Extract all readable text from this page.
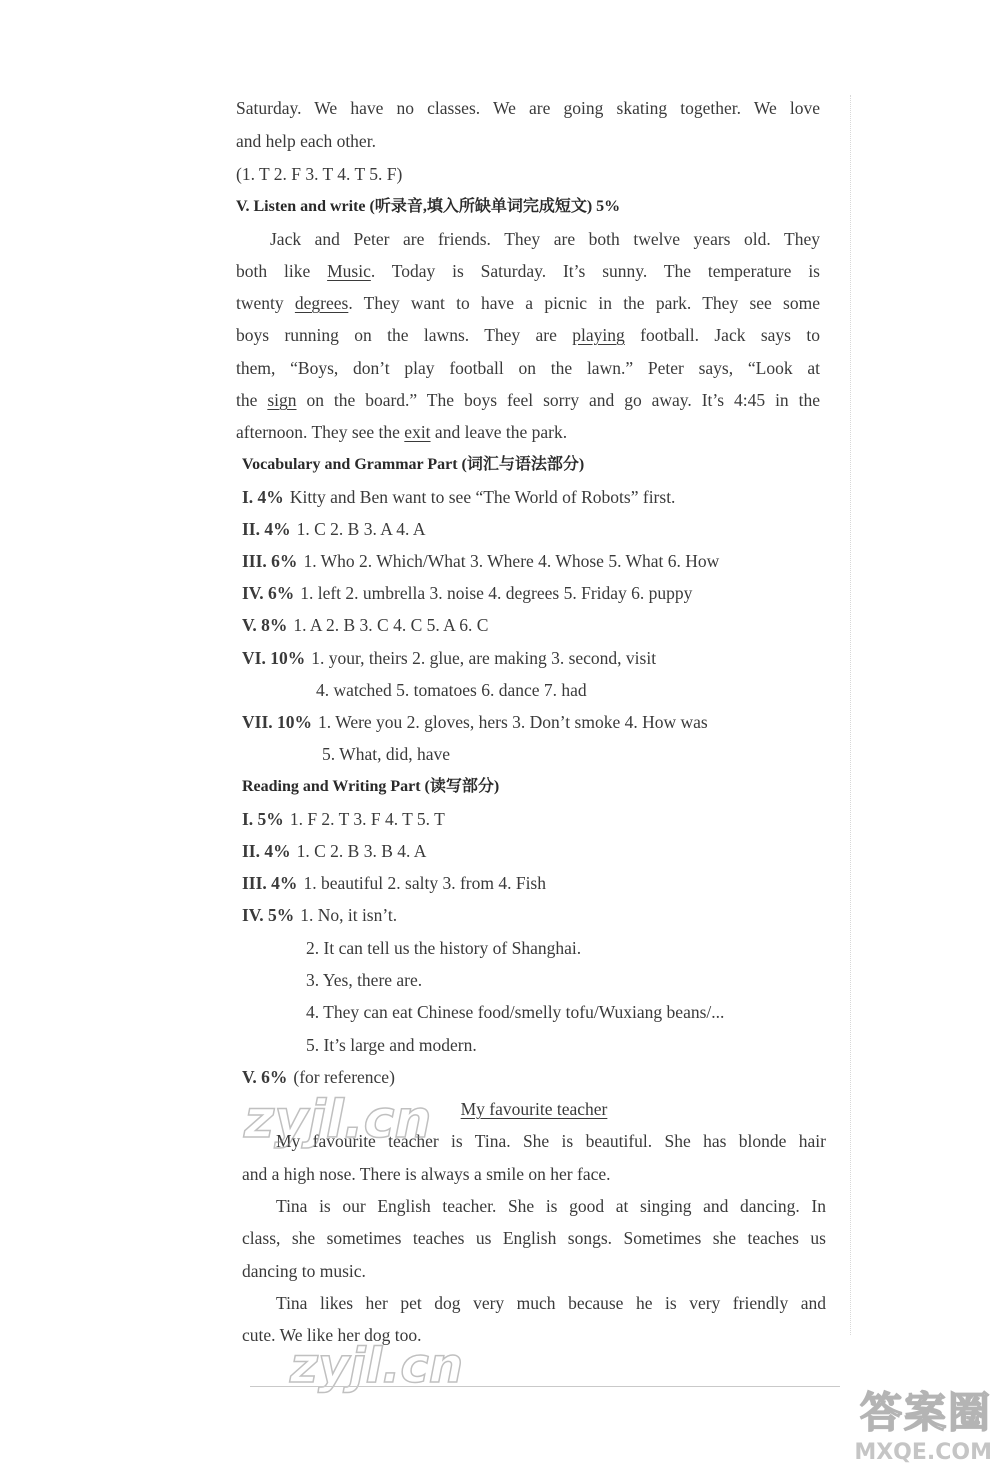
Saturday. We have no classes. We are going skating together. We love
and help each other.
(1. T 2. F 3. T 4. T 5. F)
V. Listen and write (听录音,填入所缺单词完成短文) 5%
Jack and Peter are friends. They are both twelve years old. They
both like Music. Today is Saturday. It’s sunny. The temperature is
twenty degrees. They want to have a picnic in the park. They see some
boys running on the lawns. They are playing football. Jack says to
them, “Boys, don’t play football on the lawn.” Peter says, “Look at
the sign on the board.” The boys feel sorry and go away. It’s 4:45 in the
afternoon. They see the exit and leave the park.
Vocabulary and Grammar Part (词汇与语法部分)
I. 4% Kitty and Ben want to see “The World of Robots” first.
II. 4% 1. C 2. B 3. A 4. A
III. 6% 1. Who 2. Which/What 3. Where 4. Whose 5. What 6. How
IV. 6% 1. left 2. umbrella 3. noise 4. degrees 5. Friday 6. puppy
V. 8% 1. A 2. B 3. C 4. C 5. A 6. C
VI. 10% 1. your, theirs 2. glue, are making 3. second, visit
4. watched 5. tomatoes 6. dance 7. had
VII. 10% 1. Were you 2. gloves, hers 3. Don’t smoke 4. How was
5. What, did, have
Reading and Writing Part (读写部分)
I. 5% 1. F 2. T 3. F 4. T 5. T
II. 4% 1. C 2. B 3. B 4. A
III. 4% 1. beautiful 2. salty 3. from 4. Fish
IV. 5% 1. No, it isn’t.
2. It can tell us the history of Shanghai.
3. Yes, there are.
4. They can eat Chinese food/smelly tofu/Wuxiang beans/...
5. It’s large and modern.
V. 6% (for reference)
My favourite teacher
My favourite teacher is Tina. She is beautiful. She has blonde hair
and a high nose. There is always a smile on her face.
Tina is our English teacher. She is good at singing and dancing. In
class, she sometimes teaches us English songs. Sometimes she teaches us
dancing to music.
Tina likes her pet dog very much because he is very friendly and
cute. We like her dog too.
zyjl.cn
zyjl.cn
答案圈
MXQE.COM
